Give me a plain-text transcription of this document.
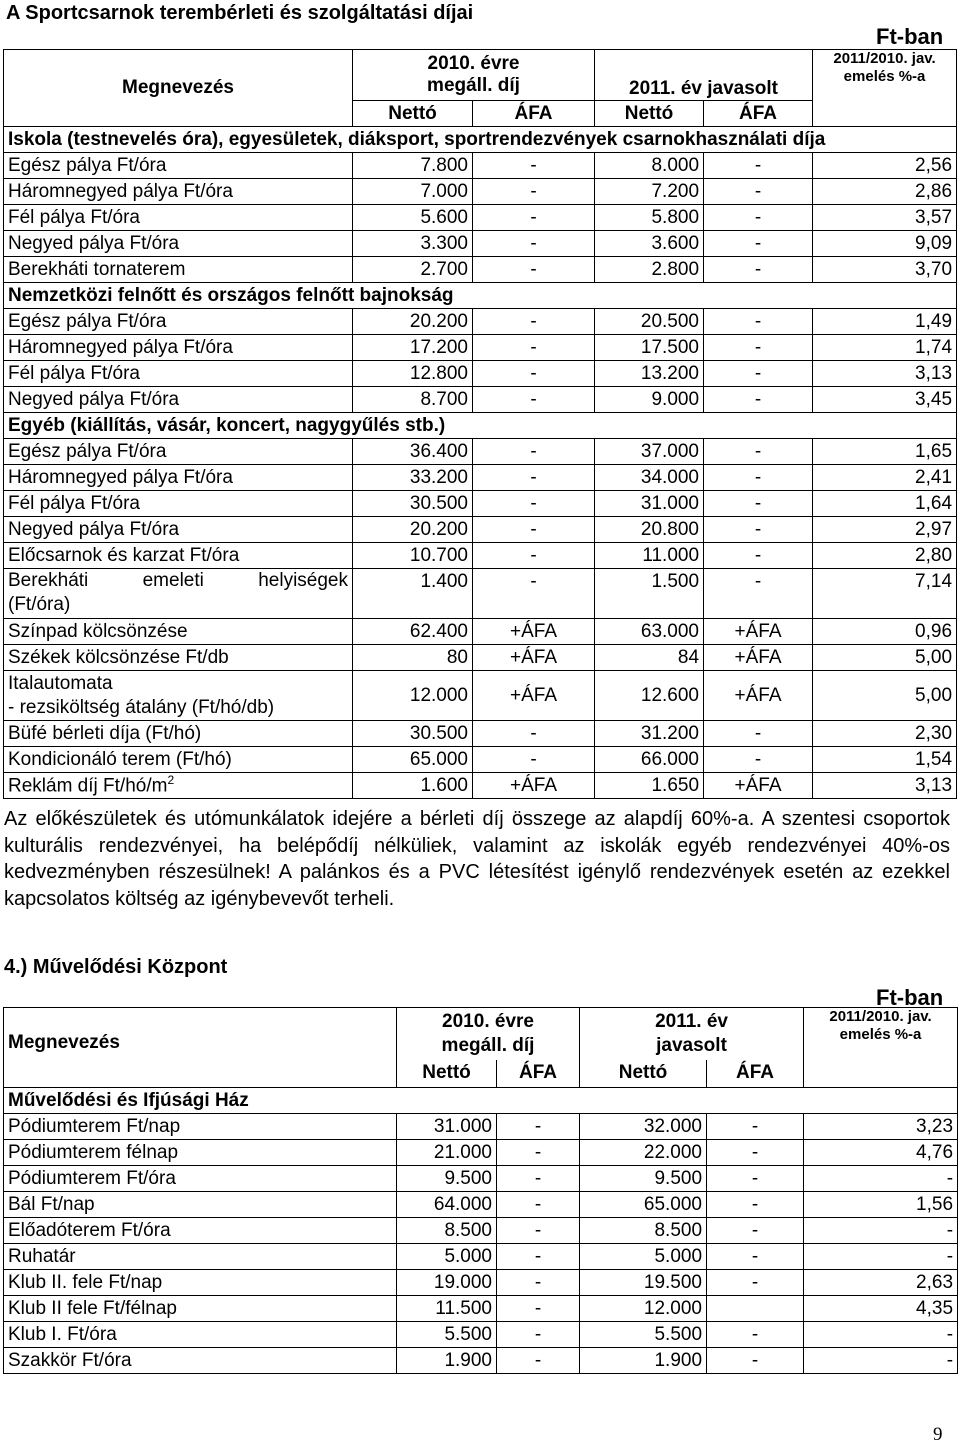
A Sportcsarnok terembérleti és szolgáltatási díjai
Ft-ban
Megnevezés	2010. évre
megáll. díj		2011. év javasolt		2011/2010. jav.
emelés %-a
	Nettó	ÁFA	Nettó	ÁFA	
Iskola (testnevelés óra), egyesületek, diáksport, sportrendezvények csarnokhasználati díja					
Egész pálya Ft/óra	7.800	-	8.000	-	2,56
Háromnegyed pálya Ft/óra	7.000	-	7.200	-	2,86
Fél pálya Ft/óra	5.600	-	5.800	-	3,57
Negyed pálya Ft/óra	3.300	-	3.600	-	9,09
Berekháti tornaterem	2.700	-	2.800	-	3,70
Nemzetközi felnőtt és országos felnőtt bajnokság					
Egész pálya Ft/óra	20.200	-	20.500	-	1,49
Háromnegyed pálya Ft/óra	17.200	-	17.500	-	1,74
Fél pálya Ft/óra	12.800	-	13.200	-	3,13
Negyed pálya Ft/óra	8.700	-	9.000	-	3,45
Egyéb (kiállítás, vásár, koncert, nagygyűlés stb.)					
Egész pálya Ft/óra	36.400	-	37.000	-	1,65
Háromnegyed pálya Ft/óra	33.200	-	34.000	-	2,41
Fél pálya Ft/óra	30.500	-	31.000	-	1,64
Negyed pálya Ft/óra	20.200	-	20.800	-	2,97
Előcsarnok és karzat Ft/óra	10.700	-	11.000	-	2,80

Berekháti emeleti helyiségek
(Ft/óra)	1.400	-	1.500	-	7,14
Színpad kölcsönzése	62.400	+ÁFA	63.000	+ÁFA	0,96
Székek kölcsönzése Ft/db	80	+ÁFA	84	+ÁFA	5,00
Italautomata
- rezsiköltség átalány (Ft/hó/db)	12.000	+ÁFA	12.600	+ÁFA	5,00
Büfé bérleti díja (Ft/hó)	30.500	-	31.200	-	2,30
Kondicionáló terem (Ft/hó)	65.000	-	66.000	-	1,54
Reklám díj $Ft/hó/m^2$	1.600	+ÁFA	1.650	+ÁFA	3,13
Az előkészületek és utómunkálatok idejére a bérleti díj összege az alapdíj 60%-a. A szentesi csoportok kulturális rendezvényei, ha belépődíj nélküliek, valamint az iskolák egyéb rendezvényei 40%-os kedvezményben részesülnek! A palánkos és a PVC létesítést igénylő rendezvények esetén az ezekkel kapcsolatos költség az igénybevevőt terheli.
4.) Művelődési Központ
Ft-ban
Megnevezés	2010. évre
megáll. díj		2011. év
javasolt		2011/2010. jav.
emelés %-a
	Nettó	ÁFA	Nettó	ÁFA	
Művelődési és Ifjúsági Ház					
Pódiumterem Ft/nap	31.000	-	32.000	-	3,23
Pódiumterem félnap	21.000	-	22.000	-	4,76
Pódiumterem Ft/óra	9.500	-	9.500	-	-
Bál Ft/nap	64.000	-	65.000	-	1,56
Előadóterem Ft/óra	8.500	-	8.500	-	-
Ruhatár	5.000	-	5.000	-	-
Klub II. fele Ft/nap	19.000	-	19.500	-	2,63
Klub II fele Ft/félnap	11.500	-	12.000		4,35
Klub I. Ft/óra	5.500	-	5.500	-	-
Szakkör Ft/óra	1.900	-	1.900	-	-
9
